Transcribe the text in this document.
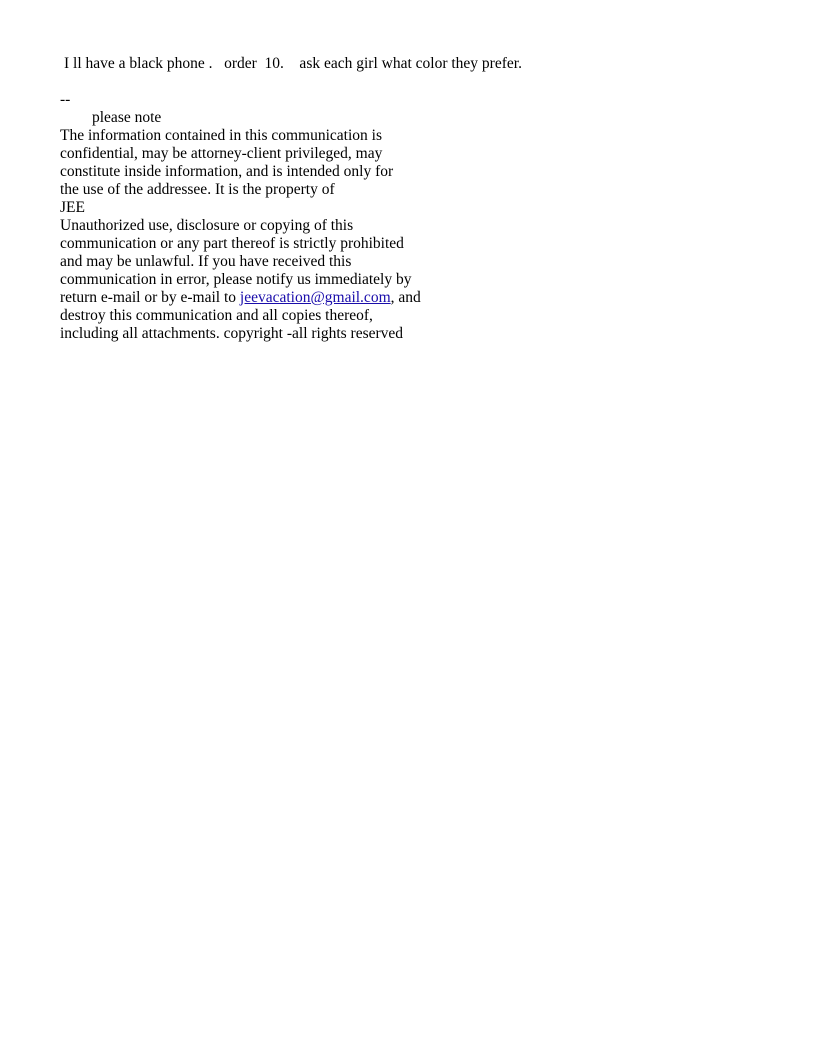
I ll have a black phone .   order  10.    ask each girl what color they prefer.

--

please note

The information contained in this communication is
confidential, may be attorney-client privileged, may
constitute inside information, and is intended only for
the use of the addressee. It is the property of
JEE
Unauthorized use, disclosure or copying of this
communication or any part thereof is strictly prohibited
and may be unlawful. If you have received this
communication in error, please notify us immediately by
return e-mail or by e-mail to jeevacation@gmail.com, and
destroy this communication and all copies thereof,
including all attachments. copyright -all rights reserved
